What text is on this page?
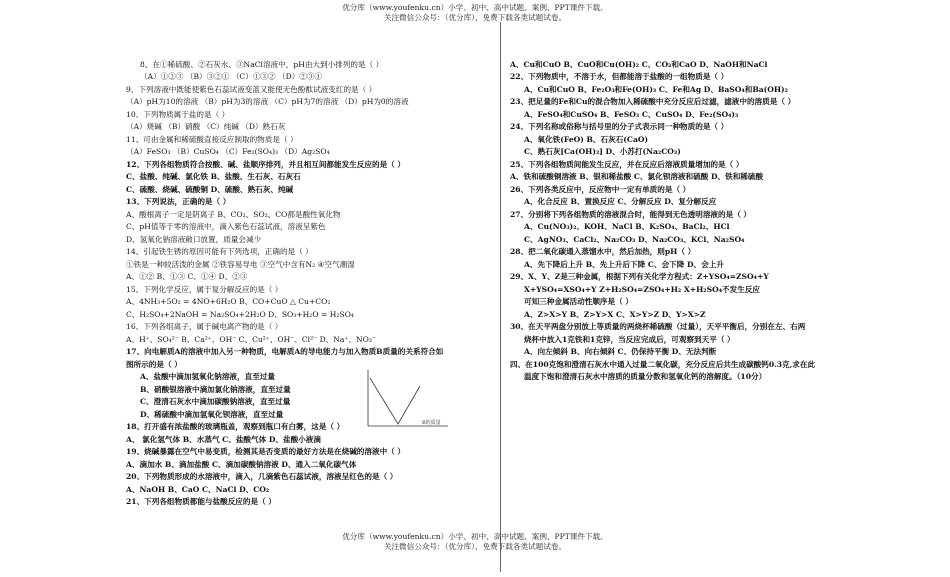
优分库（www.youfenku.cn）小学、初中、高中试题、案例、PPT课件下载。
关注微信公众号：（优分库），免费下载各类试题试卷。
8、在①稀硫酸、②石灰水、③NaCl溶液中，pH由大到小排列的是（ ）
（A）①②③ （B）③②① （C）①③② （D）②③①
9、下列溶液中既能使紫色石蕊试液变蓝又能使无色酚酞试液变红的是（ ）
（A）pH为10的溶液 （B）pH为3的溶液 （C）pH为7的溶液 （D）pH为0的溶液
10、下列物质属于盐的是（ ）
（A）烧碱 （B）硝酸 （C）纯碱 （D）熟石灰
11、可由金属和稀硫酸直接反应制取的物质是（ ）
（A）FeSO₃ （B）CuSO₄ （C）Fe₂(SO₄)₃ （D）Ag₂SO₄
12、下列各组物质符合按酸、碱、盐顺序排列，并且相互间都能发生反应的是（ ）
C、盐酸、纯碱、氯化铁 B、盐酸、生石灰、石灰石
C、硫酸、烧碱、硫酸铜 D、硫酸、熟石灰、纯碱
13、下列说法，正确的是（ ）
A、酸根离子一定是阴离子 B、CO₂、SO₂、CO都是酸性氧化物
C、pH值等于零的溶液中，滴入紫色石蕊试液，溶液呈紫色
D、氢氧化钠溶液敞口放置，质量会减少
14、引起铁生锈的原因可能有下列选项，正确的是（ ）
①铁是一种较活泼的金属 ②铁容易导电 ③空气中含有N₂ ④空气潮湿
A、①② B、①③ C、①④ D、②③
15、下列化学反应，属于复分解反应的是（ ）
A、4NH₃+5O₂ = 4NO+6H₂O B、CO+CuO △ Cu+CO₂
C、H₂SO₄+2NaOH = Na₂SO₄+2H₂O D、SO₃+H₂O = H₂SO₄
16、下列各组离子，属于碱电离产物的是（ ）
A、H⁺、SO₄²⁻ B、Ca²⁺、OH⁻ C、Cu²⁺、OH⁻、Cl²⁻ D、Na⁺、NO₃⁻
17、向电解质A的溶液中加入另一种物质，电解质A的导电能力与加入物质B质量的关系符合如
图所示的是（ ）
A、盐酸中滴加氢氧化钠溶液，直至过量
B、硝酸银溶液中滴加氯化钠溶液，直至过量
C、澄清石灰水中滴加碳酸钠溶液，直至过量
D、稀硫酸中滴加氢氧化钡溶液，直至过量
18、打开盛有浓盐酸的玻璃瓶盖，观察到瓶口有白雾，这是（ ）
A、 氯化氢气体 B、水蒸气 C、盐酸气体 D、盐酸小液滴
19、烧碱暴露在空气中易变质，检测其是否变质的最好方法是在烧碱的溶液中（ ）
A、滴加水 B、滴加盐酸 C、滴加碳酸钠溶液 D、通入二氧化碳气体
20、下列物质形成的水溶液中，滴入，几滴紫色石蕊试液，溶液呈红色的是（ ）
A、NaOH B、CaO C、NaCl D、CO₂
21、下列各组物质都能与盐酸反应的是（ ）
B的质量
A、Cu和CuO B、CuO和Cu(OH)₂ C、CO₂和CaO D、NaOH和NaCl
22、下列物质中，不溶于水，但都能溶于盐酸的一组物质是（ ）
A、Cu和CuO B、Fe₂O₃和Fe(OH)₃ C、Fe和Ag D、BaSO₄和Ba(OH)₂
23、把足量的Fe和Cu的混合物加入稀硫酸中充分反应后过滤，滤液中的溶质是（ ）
A、FeSO₄和CuSO₄ B、FeSO₃ C、CuSO₄ D、Fe₂(SO₄)₃
24、下列名称或俗称与括号里的分子式表示同一种物质的是（ ）
A、氧化铁(FeO) B、石灰石(CaO)
C、熟石灰[Ca(OH)₂] D、小苏打(Na₂CO₃)
25、下列各组物质间能发生反应，并在反应后溶液质量增加的是（ ）
A、铁和硫酸铜溶液 B、银和稀盐酸 C、氯化钡溶液和硫酸 D、铁和稀硫酸
26、下列各类反应中，反应物中一定有单质的是（ ）
A、化合反应 B、置换反应 C、分解反应 D、复分解反应
27、分别将下列各组物质的溶液混合时，能得到无色透明溶液的是（ ）
A、Cu(NO₃)₂、KOH、NaCl B、K₂SO₄、BaCl₂、HCl
C、AgNO₃、CaCl₂、Na₂CO₃ D、Na₂CO₃、KCl、Na₂SO₄
28、把二氧化碳通入蒸馏水中，然后加热，则pH（ ）
A、先下降后上升 B、先上升后下降 C、会下降 D、会上升
29、X、Y、Z是三种金属，根据下列有关化学方程式：Z+YSO₄=ZSO₄+Y
X+YSO₄=XSO₄+Y Z+H₂SO₄=ZSO₄+H₂ X+H₂SO₄不发生反应
可知三种金属活动性顺序是（ ）
A、Z>X>Y B、Z>Y>X C、X>Y>Z D、Y>X>Z
30、在天平两盘分别放上等质量的两烧杯稀硫酸（过量），天平平衡后，分别在左、右两
烧杯中放入1克铁和1克锌，当反应完成后，可观察到天平（ ）
A、向左倾斜 B、向右倾斜 C、仍保持平衡 D、无法判断
四、在100克饱和澄清石灰水中通入过量二氧化碳，充分反应后共生成碳酸钙0.3克,求在此
温度下饱和澄清石灰水中溶质的质量分数和氢氧化钙的溶解度。（10分）
优分库（www.youfenku.cn）小学、初中、高中试题、案例、PPT课件下载。
关注微信公众号：（优分库），免费下载各类试题试卷。
